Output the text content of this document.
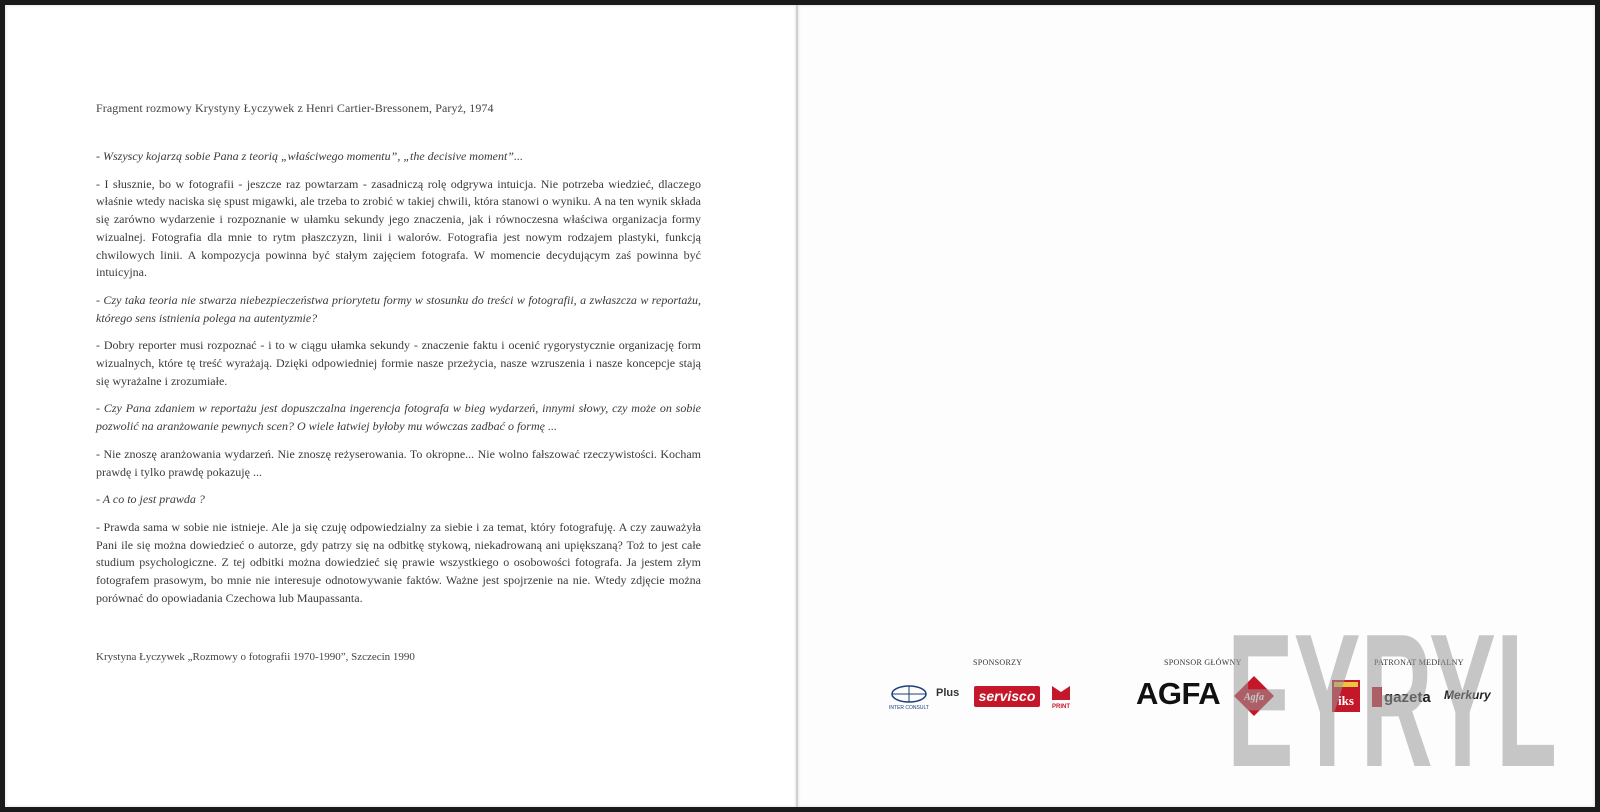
Fragment rozmowy Krystyny Łyczywek z Henri Cartier-Bressonem, Paryż, 1974

- Wszyscy kojarzą sobie Pana z teorią „właściwego momentu”, „the decisive moment”...

- I słusznie, bo w fotografii - jeszcze raz powtarzam - zasadniczą rolę odgrywa intuicja. Nie potrzeba wiedzieć, dlaczego właśnie wtedy naciska się spust migawki, ale trzeba to zrobić w takiej chwili, która stanowi o wyniku. A na ten wynik składa się zarówno wydarzenie i rozpoznanie w ułamku sekundy jego znaczenia, jak i równoczesna właściwa organizacja formy wizualnej. Fotografia dla mnie to rytm płaszczyzn, linii i walorów. Fotografia jest nowym rodzajem plastyki, funkcją chwilowych linii. A kompozycja powinna być stałym zajęciem fotografa. W momencie decydującym zaś powinna być intuicyjna.

- Czy taka teoria nie stwarza niebezpieczeństwa priorytetu formy w stosunku do treści w fotografii, a zwłaszcza w reportażu, którego sens istnienia polega na autentyzmie?

- Dobry reporter musi rozpoznać - i to w ciągu ułamka sekundy - znaczenie faktu i ocenić rygorystycznie organizację form wizualnych, które tę treść wyrażają. Dzięki odpowiedniej formie nasze przeżycia, nasze wzruszenia i nasze koncepcje stają się wyrażalne i zrozumiałe.

- Czy Pana zdaniem w reportażu jest dopuszczalna ingerencja fotografa w bieg wydarzeń, innymi słowy, czy może on sobie pozwolić na aranżowanie pewnych scen? O wiele łatwiej byłoby mu wówczas zadbać o formę ...

- Nie znoszę aranżowania wydarzeń. Nie znoszę reżyserowania. To okropne... Nie wolno fałszować rzeczywistości. Kocham prawdę i tylko prawdę pokazuję ...

- A co to jest prawda ?

- Prawda sama w sobie nie istnieje. Ale ja się czuję odpowiedzialny za siebie i za temat, który fotografuję. A czy zauważyła Pani ile się można dowiedzieć o autorze, gdy patrzy się na odbitkę stykową, niekadrowaną ani upiększaną? Toż to jest całe studium psychologiczne. Z tej odbitki można dowiedzieć się prawie wszystkiego o osobowości fotografa. Ja jestem złym fotografem prasowym, bo mnie nie interesuje odnotowywanie faktów. Ważne jest spojrzenie na nie. Wtedy zdjęcie można porównać do opowiadania Czechowa lub Maupassanta.

Krystyna Łyczywek „Rozmowy o fotografii 1970-1990”, Szczecin 1990	SPONSORZY	SPONSOR GŁÓWNY	PATRONAT MEDIALNY
INTER CONSULT
Plus	servisco
PRINT AGFA Agfa	iks gazeta Merkury
EYRYL
